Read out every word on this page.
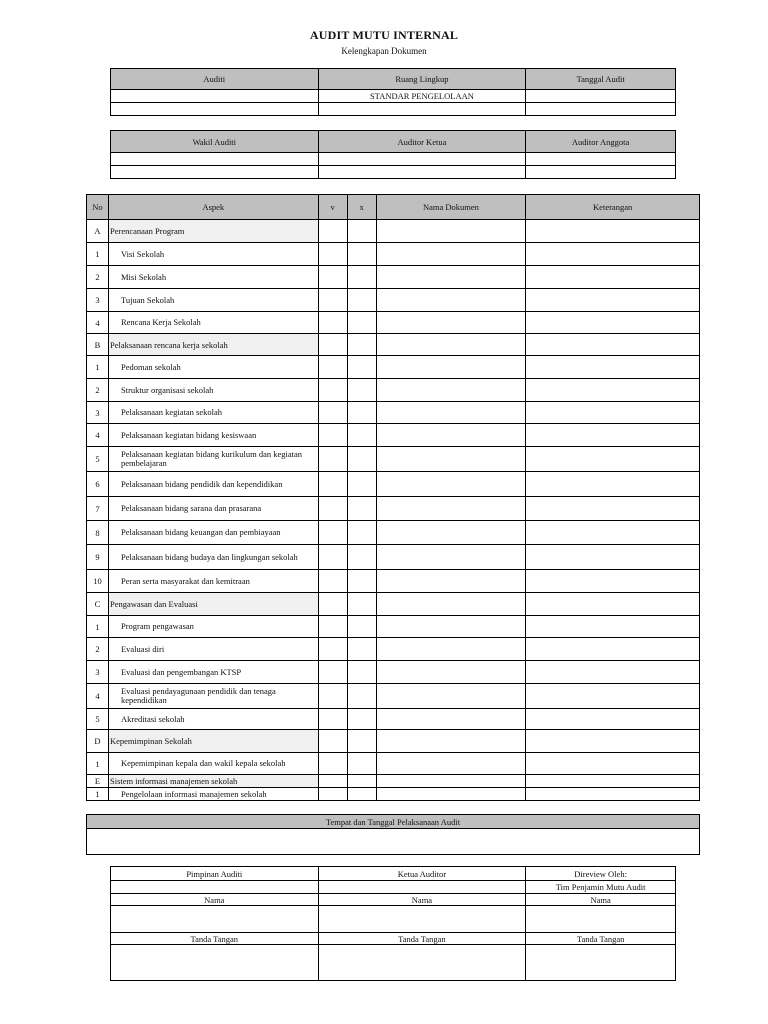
AUDIT MUTU INTERNAL
Kelengkapan Dokumen
Auditi	Ruang Lingkup	Tanggal Audit
	STANDAR PENGELOLAAN	

Wakil Auditi	Auditor Ketua	Auditor Anggota

No	Aspek	v	x	Nama Dokumen	Keterangan
A	Perencanaan Program				
1	Visi Sekolah				
2	Misi Sekolah				
3	Tujuan Sekolah				
4	Rencana Kerja Sekolah				
B	Pelaksanaan rencana kerja sekolah				
1	Pedoman sekolah				
2	Struktur organisasi sekolah				
3	Pelaksanaan kegiatan sekolah				
4	Pelaksanaan kegiatan bidang kesiswaan				
5	Pelaksanaan kegiatan bidang kurikulum dan kegiatan pembelajaran				
6	Pelaksanaan bidang pendidik dan kependidikan				
7	Pelaksanaan bidang sarana dan prasarana				
8	Pelaksanaan bidang keuangan dan pembiayaan				
9	Pelaksanaan bidang budaya dan lingkungan sekolah				
10	Peran serta masyarakat dan kemitraan				
C	Pengawasan dan Evaluasi				
1	Program pengawasan				
2	Evaluasi diri				
3	Evaluasi dan pengembangan KTSP				
4	Evaluasi pendayagunaan pendidik dan tenaga kependidikan				
5	Akreditasi sekolah				
D	Kepemimpinan Sekolah				
1	Kepemimpinan kepala dan wakil kepala sekolah				
E	Sistem informasi manajemen sekolah				
1	Pengelolaan informasi manajemen sekolah				
Tempat dan Tanggal Pelaksanaan Audit

Pimpinan Auditi	Ketua Auditor	Direview Oleh:
		Tim Penjamin Mutu Audit
Nama	Nama	Nama

Tanda Tangan	Tanda Tangan	Tanda Tangan
